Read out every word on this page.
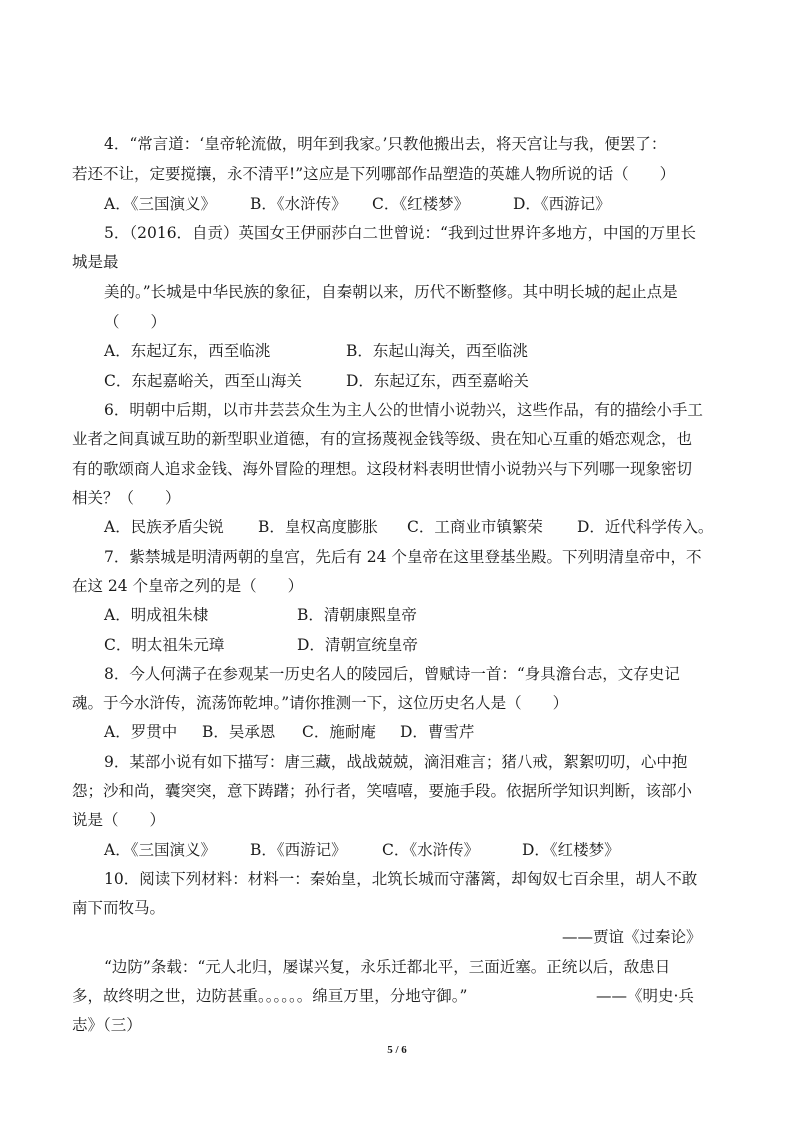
4．“常言道：‘皇帝轮流做，明年到我家。’只教他搬出去，将天宫让与我，便罢了：
若还不让，定要搅攘，永不清平!”这应是下列哪部作品塑造的英雄人物所说的话（　　）
A．《三国演义》 B．《水浒传》 C．《红楼梦》	D．《西游记》
5．（2016．自贡）英国女王伊丽莎白二世曾说：“我到过世界许多地方，中国的万里长
城是最
美的。”长城是中华民族的象征，自秦朝以来，历代不断整修。其中明长城的起止点是
（　　）
A．东起辽东，西至临洮	B．东起山海关，西至临洮
C．东起嘉峪关，西至山海关	D．东起辽东，西至嘉峪关
6．明朝中后期，以市井芸芸众生为主人公的世情小说勃兴，这些作品，有的描绘小手工
业者之间真诚互助的新型职业道德，有的宣扬蔑视金钱等级、贵在知心互重的婚恋观念，也
有的歌颂商人追求金钱、海外冒险的理想。这段材料表明世情小说勃兴与下列哪一现象密切
相关？（　　）
A．民族矛盾尖锐 B．皇权高度膨胀 C．工商业市镇繁荣 D．近代科学传入。
7．紫禁城是明清两朝的皇宫，先后有 24 个皇帝在这里登基坐殿。下列明清皇帝中，不
在这 24 个皇帝之列的是（　　）
A．明成祖朱棣	B．清朝康熙皇帝
C．明太祖朱元璋	D．清朝宣统皇帝
8．今人何满子在参观某一历史名人的陵园后，曾赋诗一首：“身具澹台志，文存史记
魂。于今水浒传，流荡饰乾坤。”请你推测一下，这位历史名人是（　　）
A．罗贯中 B．吴承恩 C．施耐庵 D．曹雪芹
9．某部小说有如下描写：唐三藏，战战兢兢，滴泪难言；猪八戒，絮絮叨叨，心中抱
怨；沙和尚，囊突突，意下踌躇；孙行者，笑嘻嘻，要施手段。依据所学知识判断，该部小
说是（　　）
A．《三国演义》 B．《西游记》 C．《水浒传》	D．《红楼梦》
10．阅读下列材料：材料一：秦始皇，北筑长城而守藩篱，却匈奴七百余里，胡人不敢
南下而牧马。
——贾谊《过秦论》
“边防”条载：“元人北归，屡谋兴复，永乐迁都北平，三面近塞。正统以后，敌患日
多，故终明之世，边防甚重。。。。。。绵亘万里，分地守御。”	——《明史·兵
志》（三）
5 / 6
